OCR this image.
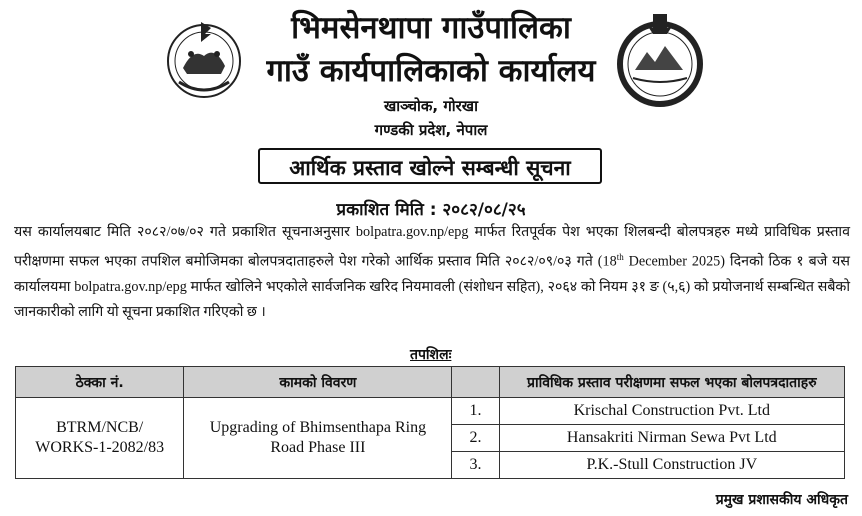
भिमसेनथापा गाउँपालिका
गाउँ कार्यपालिकाको कार्यालय
खाञ्चोक, गोरखा
गण्डकी प्रदेश, नेपाल
आर्थिक प्रस्ताव खोल्ने सम्बन्धी सूचना
प्रकाशित मिति : २०८२/०८/२५
यस कार्यालयबाट मिति २०८२/०७/०२ गते प्रकाशित सूचनाअनुसार bolpatra.gov.np/epg मार्फत रितपूर्वक पेश भएका शिलबन्दी बोलपत्रहरु मध्ये प्राविधिक प्रस्ताव परीक्षणमा सफल भएका तपशिल बमोजिमका बोलपत्रदाताहरुले पेश गरेको आर्थिक प्रस्ताव मिति २०८२/०९/०३ गते (18th December 2025) दिनको ठिक १ बजे यस कार्यालयमा bolpatra.gov.np/epg मार्फत खोलिने भएकोले सार्वजनिक खरिद नियमावली (संशोधन सहित), २०६४ को नियम ३१ ङ (५,६) को प्रयोजनार्थ सम्बन्धित सबैको जानकारीको लागि यो सूचना प्रकाशित गरिएको छ ।
तपशिलः
ठेक्का नं.	कामको विवरण		प्राविधिक प्रस्ताव परीक्षणमा सफल भएका बोलपत्रदाताहरु
BTRM/NCB/ WORKS-1-2082/83	Upgrading of Bhimsenthapa Ring Road Phase III	1.	Krischal Construction Pvt. Ltd
		2.	Hansakriti Nirman Sewa Pvt Ltd
		3.	P.K.-Stull Construction JV
प्रमुख प्रशासकीय अधिकृत
